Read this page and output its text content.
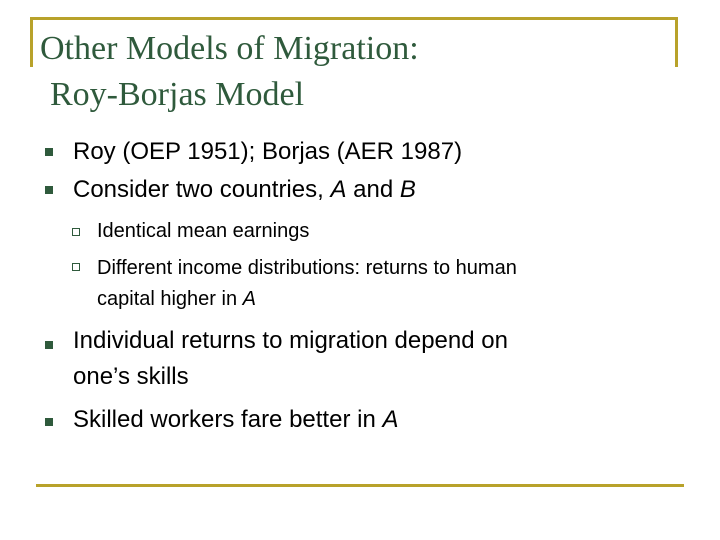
Other Models of Migration:
Roy-Borjas Model
Roy (OEP 1951); Borjas (AER 1987)
Consider two countries, A and B
Identical mean earnings
Different income distributions: returns to human
capital higher in A
Individual returns to migration depend on
one’s skills
Skilled workers fare better in A
